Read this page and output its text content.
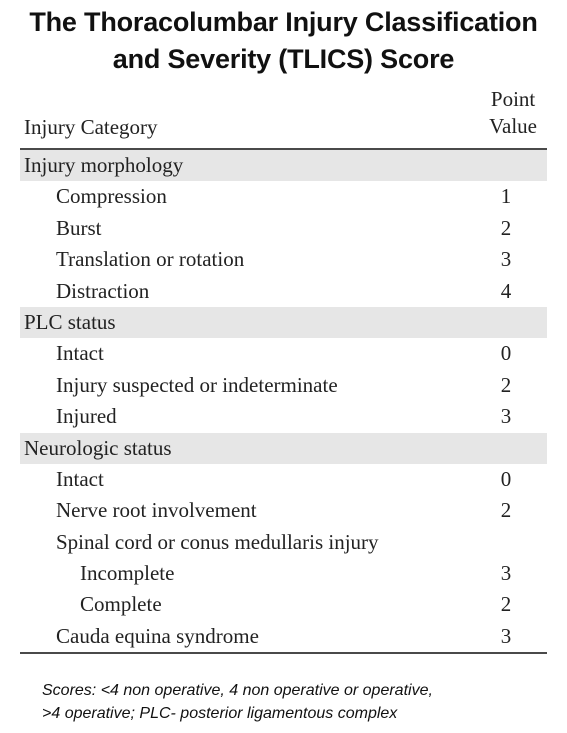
The Thoracolumbar Injury Classification
and Severity (TLICS) Score
Injury Category
Point
Value
Injury morphology
Compression	1
Burst	2
Translation or rotation	3
Distraction	4
PLC status
Intact	0
Injury suspected or indeterminate	2
Injured	3
Neurologic status
Intact	0
Nerve root involvement	2
Spinal cord or conus medullaris injury
Incomplete	3
Complete	2
Cauda equina syndrome	3
Scores: <4 non operative, 4 non operative or operative,
>4 operative; PLC- posterior ligamentous complex
